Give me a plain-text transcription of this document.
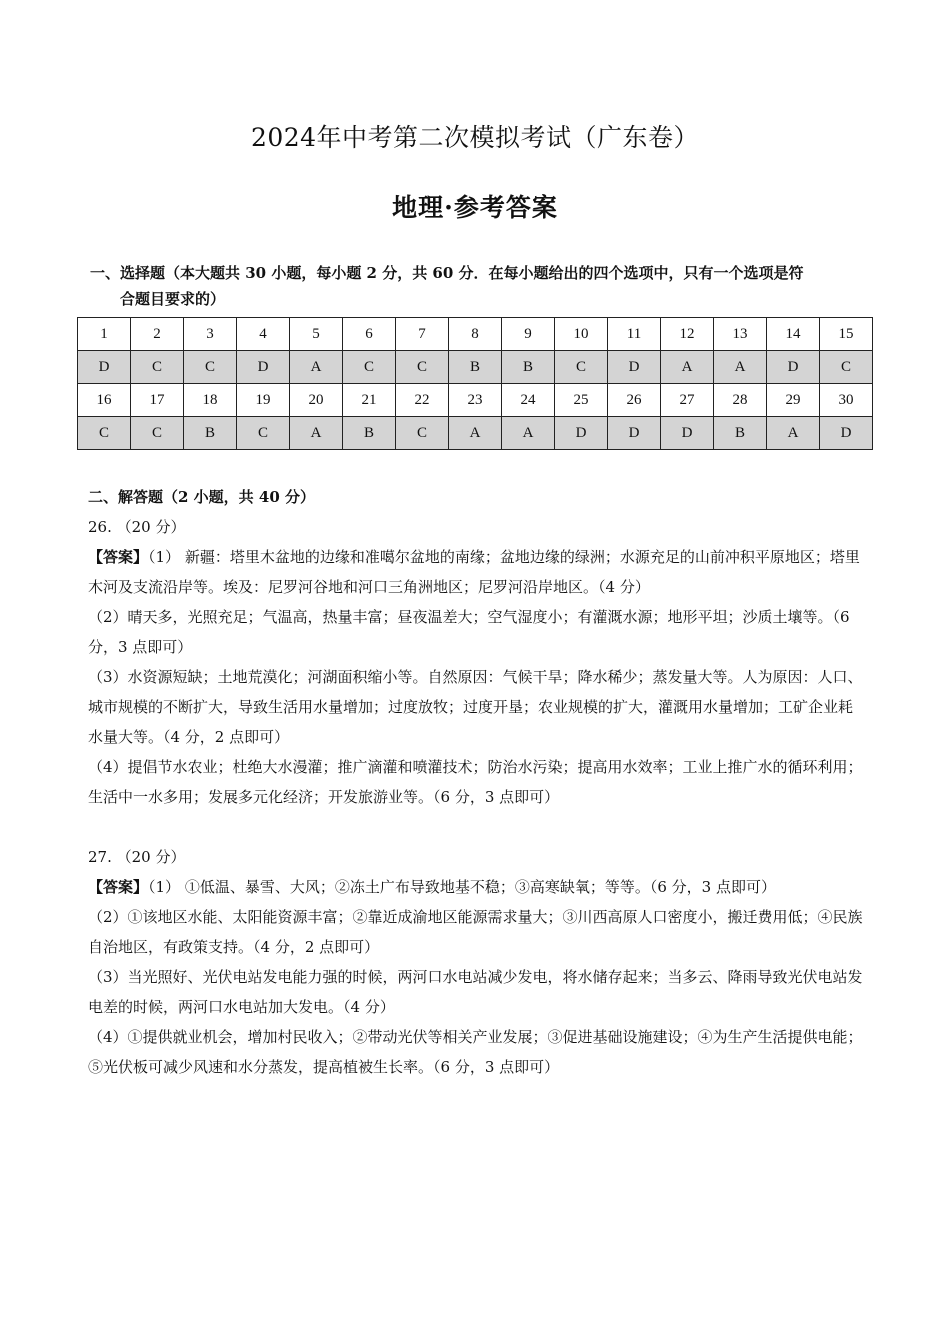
2024年中考第二次模拟考试（广东卷）
地理·参考答案
一、选择题（本大题共 30 小题，每小题 2 分，共 60 分．在每小题给出的四个选项中，只有一个选项是符
合题目要求的）
1	2	3	4	5	6	7	8	9	10	11	12	13	14	15
D	C	C	D	A	C	C	B	B	C	D	A	A	D	C
16	17	18	19	20	21	22	23	24	25	26	27	28	29	30
C	C	B	C	A	B	C	A	A	D	D	D	B	A	D

二、解答题（2 小题，共 40 分）

26. （20 分）

【答案】（1） 新疆：塔里木盆地的边缘和准噶尔盆地的南缘；盆地边缘的绿洲；水源充足的山前冲积平原地区；塔里木河及支流沿岸等。埃及：尼罗河谷地和河口三角洲地区；尼罗河沿岸地区。（4 分）

（2）晴天多，光照充足；气温高，热量丰富；昼夜温差大；空气湿度小；有灌溉水源；地形平坦；沙质土壤等。（6 分，3 点即可）

（3）水资源短缺；土地荒漠化；河湖面积缩小等。自然原因：气候干旱；降水稀少；蒸发量大等。人为原因：人口、城市规模的不断扩大，导致生活用水量增加；过度放牧；过度开垦；农业规模的扩大，灌溉用水量增加；工矿企业耗水量大等。（4 分，2 点即可）

（4）提倡节水农业；杜绝大水漫灌；推广滴灌和喷灌技术；防治水污染；提高用水效率；工业上推广水的循环利用；生活中一水多用；发展多元化经济；开发旅游业等。（6 分，3 点即可）

27. （20 分）

【答案】（1） ①低温、暴雪、大风；②冻土广布导致地基不稳；③高寒缺氧；等等。（6 分，3 点即可）

（2）①该地区水能、太阳能资源丰富；②靠近成渝地区能源需求量大；③川西高原人口密度小，搬迁费用低；④民族自治地区，有政策支持。（4 分，2 点即可）

（3）当光照好、光伏电站发电能力强的时候，两河口水电站减少发电，将水储存起来；当多云、降雨导致光伏电站发电差的时候，两河口水电站加大发电。（4 分）

（4）①提供就业机会，增加村民收入；②带动光伏等相关产业发展；③促进基础设施建设；④为生产生活提供电能；⑤光伏板可减少风速和水分蒸发，提高植被生长率。（6 分，3 点即可）
